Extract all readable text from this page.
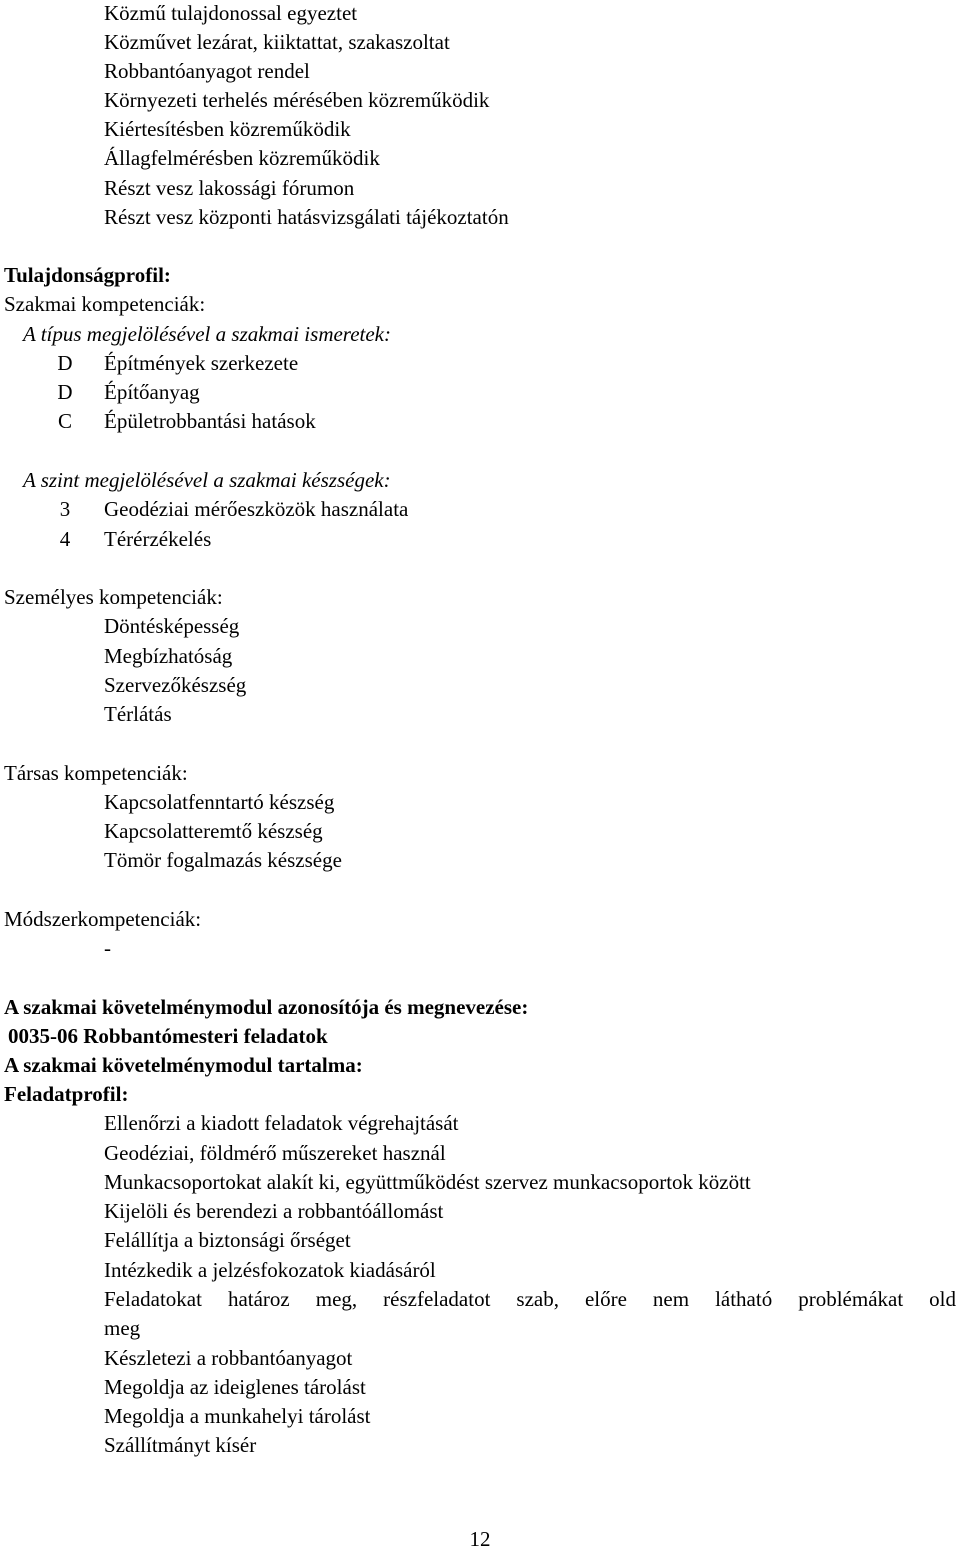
Közmű tulajdonossal egyeztet
Közművet lezárat, kiiktattat, szakaszoltat
Robbantóanyagot rendel
Környezeti terhelés mérésében közreműködik
Kiértesítésben közreműködik
Állagfelmérésben közreműködik
Részt vesz lakossági fórumon
Részt vesz központi hatásvizsgálati tájékoztatón
Tulajdonságprofil:
Szakmai kompetenciák:
A típus megjelölésével a szakmai ismeretek:
D Építmények szerkezete
D Építőanyag
C Épületrobbantási hatások
A szint megjelölésével a szakmai készségek:
3 Geodéziai mérőeszközök használata
4 Térérzékelés
Személyes kompetenciák:
Döntésképesség
Megbízhatóság
Szervezőkészség
Térlátás
Társas kompetenciák:
Kapcsolatfenntartó készség
Kapcsolatteremtő készség
Tömör fogalmazás készsége
Módszerkompetenciák:
-
A szakmai követelménymodul azonosítója és megnevezése:
0035-06 Robbantómesteri feladatok
A szakmai követelménymodul tartalma:
Feladatprofil:
Ellenőrzi a kiadott feladatok végrehajtását
Geodéziai, földmérő műszereket használ
Munkacsoportokat alakít ki, együttműködést szervez munkacsoportok között
Kijelöli és berendezi a robbantóállomást
Felállítja a biztonsági őrséget
Intézkedik a jelzésfokozatok kiadásáról
Feladatokat határoz meg, részfeladatot szab, előre nem látható problémákat old
meg
Készletezi a robbantóanyagot
Megoldja az ideiglenes tárolást
Megoldja a munkahelyi tárolást
Szállítmányt kísér
12
